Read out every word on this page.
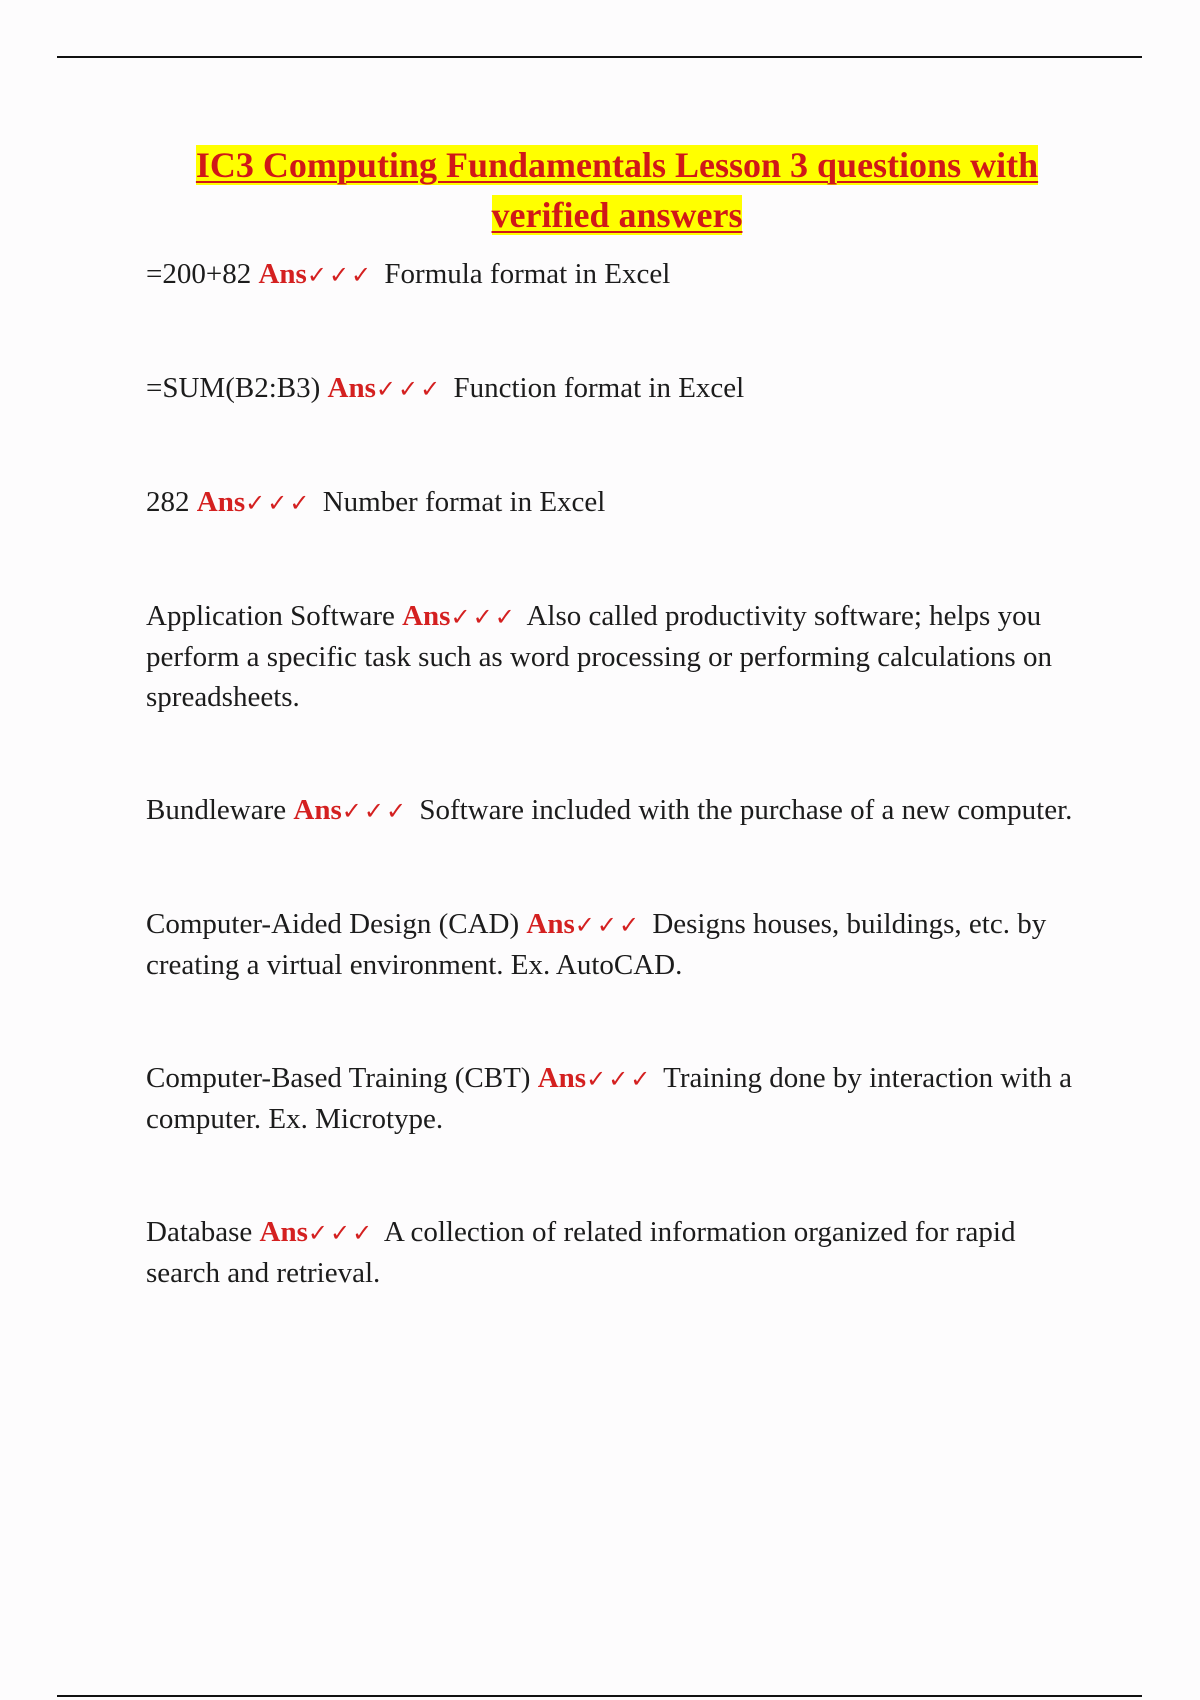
IC3 Computing Fundamentals Lesson 3 questions with verified answers

=200+82 Ans✓✓✓ Formula format in Excel

=SUM(B2:B3) Ans✓✓✓ Function format in Excel

282 Ans✓✓✓ Number format in Excel

Application Software Ans✓✓✓ Also called productivity software; helps you perform a specific task such as word processing or performing calculations on spreadsheets.

Bundleware Ans✓✓✓ Software included with the purchase of a new computer.

Computer-Aided Design (CAD) Ans✓✓✓ Designs houses, buildings, etc. by creating a virtual environment. Ex. AutoCAD.

Computer-Based Training (CBT) Ans✓✓✓ Training done by interaction with a computer. Ex. Microtype.

Database Ans✓✓✓ A collection of related information organized for rapid search and retrieval.
